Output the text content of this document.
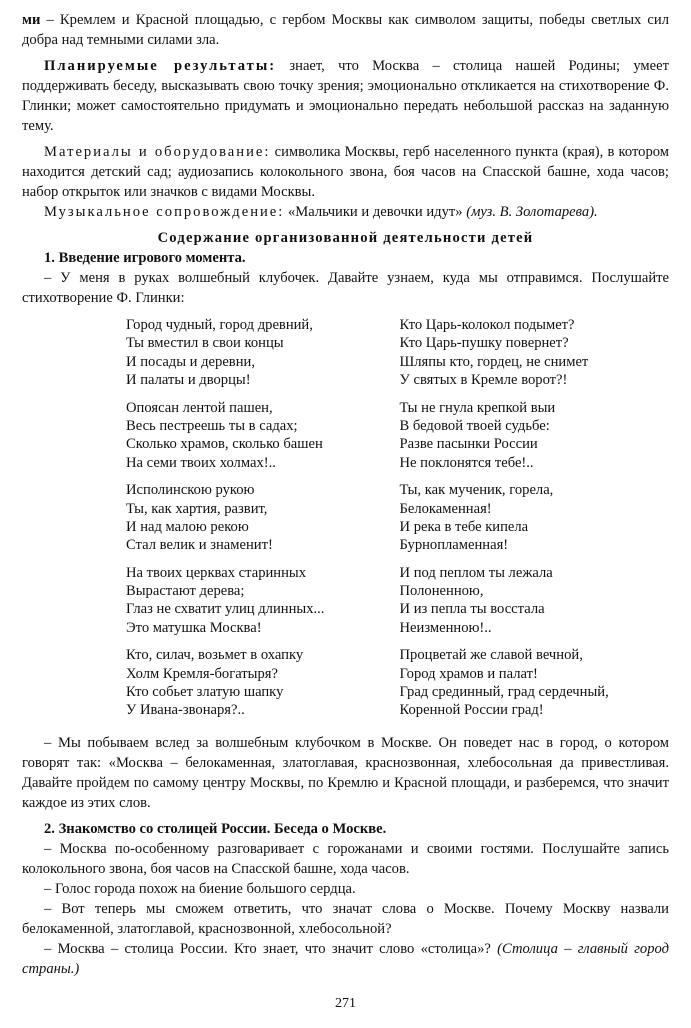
ми – Кремлем и Красной площадью, с гербом Москвы как символом защиты, победы светлых сил добра над темными силами зла.

Планируемые результаты: знает, что Москва – столица нашей Родины; умеет поддерживать беседу, высказывать свою точку зрения; эмоционально откликается на стихотворение Ф. Глинки; может самостоятельно придумать и эмоционально передать небольшой рассказ на заданную тему.

Материалы и оборудование: символика Москвы, герб населенного пункта (края), в котором находится детский сад; аудиозапись колокольного звона, боя часов на Спасской башне, хода часов; набор открыток или значков с видами Москвы.

Музыкальное сопровождение: «Мальчики и девочки идут» (муз. В. Золотарева).

Содержание организованной деятельности детей

1. Введение игрового момента.

– У меня в руках волшебный клубочек. Давайте узнаем, куда мы отправимся. Послушайте стихотворение Ф. Глинки:

Город чудный, город древний,
Ты вместил в свои концы
И посады и деревни,
И палаты и дворцы!
Опоясан лентой пашен,
Весь пестреешь ты в садах;
Сколько храмов, сколько башен
На семи твоих холмах!..
Исполинскою рукою
Ты, как хартия, развит,
И над малою рекою
Стал велик и знаменит!
На твоих церквах старинных
Вырастают дерева;
Глаз не схватит улиц длинных...
Это матушка Москва!
Кто, силач, возьмет в охапку
Холм Кремля-богатыря?
Кто собьет златую шапку
У Ивана-звонаря?..
Кто Царь-колокол подымет?
Кто Царь-пушку повернет?
Шляпы кто, гордец, не снимет
У святых в Кремле ворот?!
Ты не гнула крепкой выи
В бедовой твоей судьбе:
Разве пасынки России
Не поклонятся тебе!..
Ты, как мученик, горела,
Белокаменная!
И река в тебе кипела
Бурнопламенная!
И под пеплом ты лежала
Полоненною,
И из пепла ты восстала
Неизменною!..
Процветай же славой вечной,
Город храмов и палат!
Град срединный, град сердечный,
Коренной России град!

– Мы побываем вслед за волшебным клубочком в Москве. Он поведет нас в город, о котором говорят так: «Москва – белокаменная, златоглавая, краснозвонная, хлебосольная да привестливая. Давайте пройдем по самому центру Москвы, по Кремлю и Красной площади, и разберемся, что значит каждое из этих слов.

2. Знакомство со столицей России. Беседа о Москве.

– Москва по-особенному разговаривает с горожанами и своими гостями. Послушайте запись колокольного звона, боя часов на Спасской башне, хода часов.

– Голос города похож на биение большого сердца.

– Вот теперь мы сможем ответить, что значат слова о Москве. Почему Москву назвали белокаменной, златоглавой, краснозвонной, хлебосольной?

– Москва – столица России. Кто знает, что значит слово «столица»? (Столица – главный город страны.)

271
